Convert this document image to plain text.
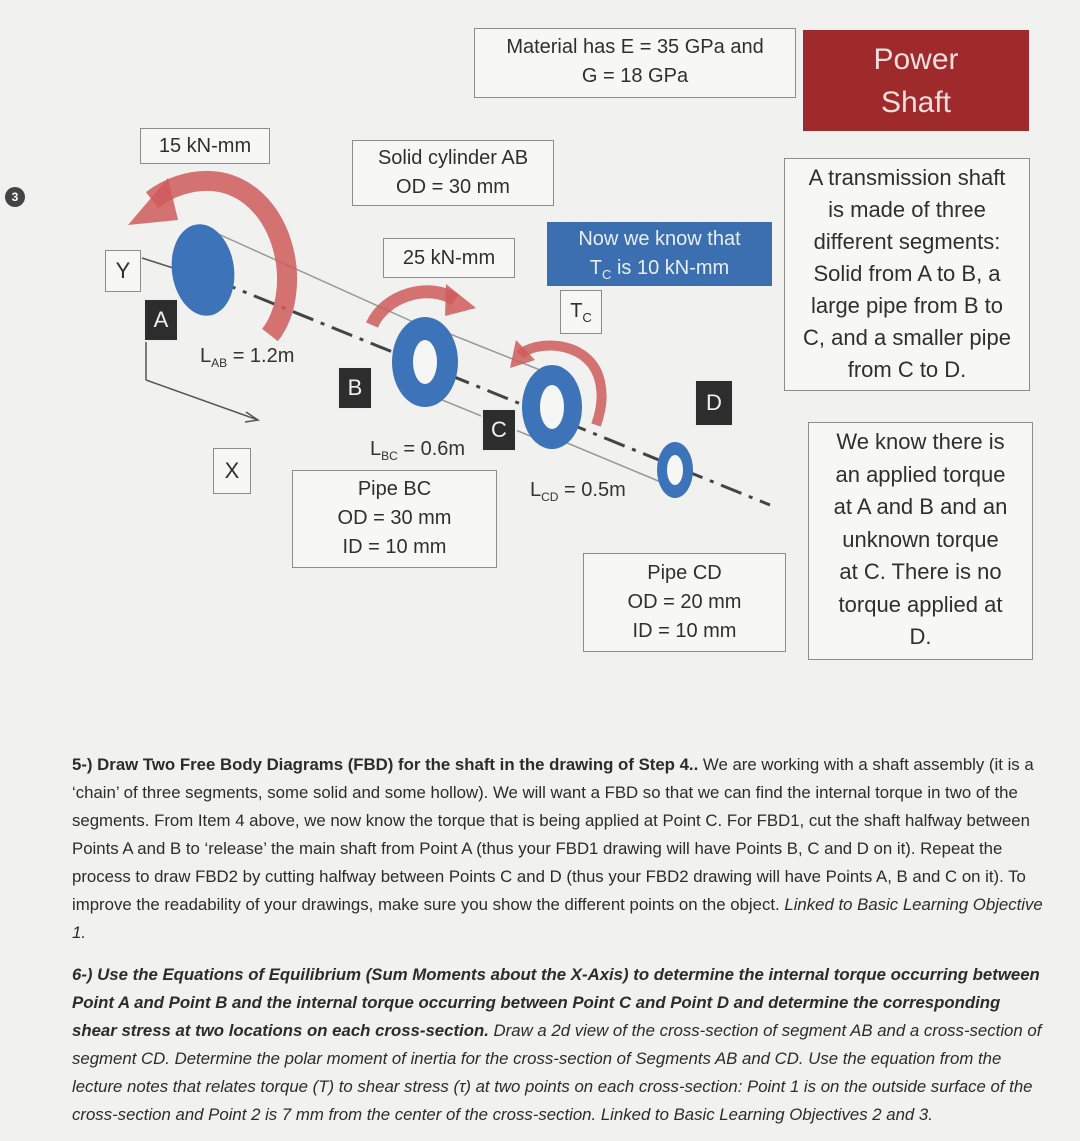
3
Material has E = 35 GPa and
G = 18 GPa	Power
Shaft
15 kN-mm
Solid cylinder AB
OD = 30 mm
25 kN-mm
Now we know that
$T_C$ is 10 kN-mm
$T_C$
Y
A
B
C
D
$L_{AB} = 1.2m$
X
$L_{BC} = 0.6m$
Pipe BC
OD = 30 mm
ID = 10 mm
$L_{CD} = 0.5m$
Pipe CD
OD = 20 mm
ID = 10 mm
A transmission shaft
is made of three
different segments:
Solid from A to B, a
large pipe from B to
C, and a smaller pipe
from C to D.
We know there is
an applied torque
at A and B and an
unknown torque
at C. There is no
torque applied at
D.
5-) Draw Two Free Body Diagrams (FBD) for the shaft in the drawing of Step 4.. We are working with a shaft assembly (it is a ‘chain’ of three segments, some solid and some hollow). We will want a FBD so that we can find the internal torque in two of the segments. From Item 4 above, we now know the torque that is being applied at Point C. For FBD1, cut the shaft halfway between Points A and B to ‘release’ the main shaft from Point A (thus your FBD1 drawing will have Points B, C and D on it). Repeat the process to draw FBD2 by cutting halfway between Points C and D (thus your FBD2 drawing will have Points A, B and C on it). To improve the readability of your drawings, make sure you show the different points on the object. Linked to Basic Learning Objective 1.
6-) Use the Equations of Equilibrium (Sum Moments about the X-Axis) to determine the internal torque occurring between Point A and Point B and the internal torque occurring between Point C and Point D and determine the corresponding shear stress at two locations on each cross-section. Draw a 2d view of the cross-section of segment AB and a cross-section of segment CD. Determine the polar moment of inertia for the cross-section of Segments AB and CD. Use the equation from the lecture notes that relates torque (T) to shear stress (τ) at two points on each cross-section: Point 1 is on the outside surface of the cross-section and Point 2 is 7 mm from the center of the cross-section. Linked to Basic Learning Objectives 2 and 3.
